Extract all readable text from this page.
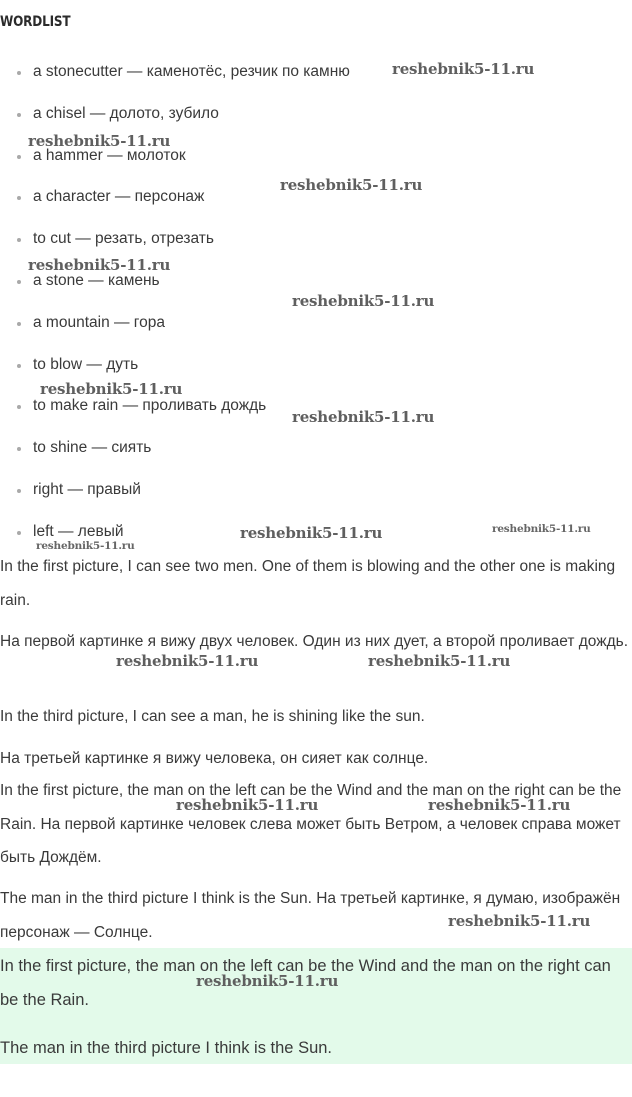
WORDLIST
a stonecutter — каменотёс, резчик по камню
a chisel — долото, зубило
a hammer — молоток
a character — персонаж
to cut — резать, отрезать
a stone — камень
a mountain — гора
to blow — дуть
to make rain — проливать дождь
to shine — сиять
right — правый
left — левый

In the first picture, I can see two men. One of them is blowing and the other one is making rain.

На первой картинке я вижу двух человек. Один из них дует, а второй проливает дождь.

In the third picture, I can see a man, he is shining like the sun.

На третьей картинке я вижу человека, он сияет как солнце.

In the first picture, the man on the left can be the Wind and the man on the right can be the Rain. На первой картинке человек слева может быть Ветром, а человек справа может быть Дождём.

The man in the third picture I think is the Sun. На третьей картинке, я думаю, изображён персонаж — Солнце.

In the first picture, the man on the left can be the Wind and the man on the right can be the Rain.

The man in the third picture I think is the Sun.

reshebnik5-11.ru
reshebnik5-11.ru
reshebnik5-11.ru
reshebnik5-11.ru
reshebnik5-11.ru
reshebnik5-11.ru
reshebnik5-11.ru
reshebnik5-11.ru	reshebnik5-11.ru
reshebnik5-11.ru
reshebnik5-11.ru	reshebnik5-11.ru
reshebnik5-11.ru	reshebnik5-11.ru
reshebnik5-11.ru
reshebnik5-11.ru
